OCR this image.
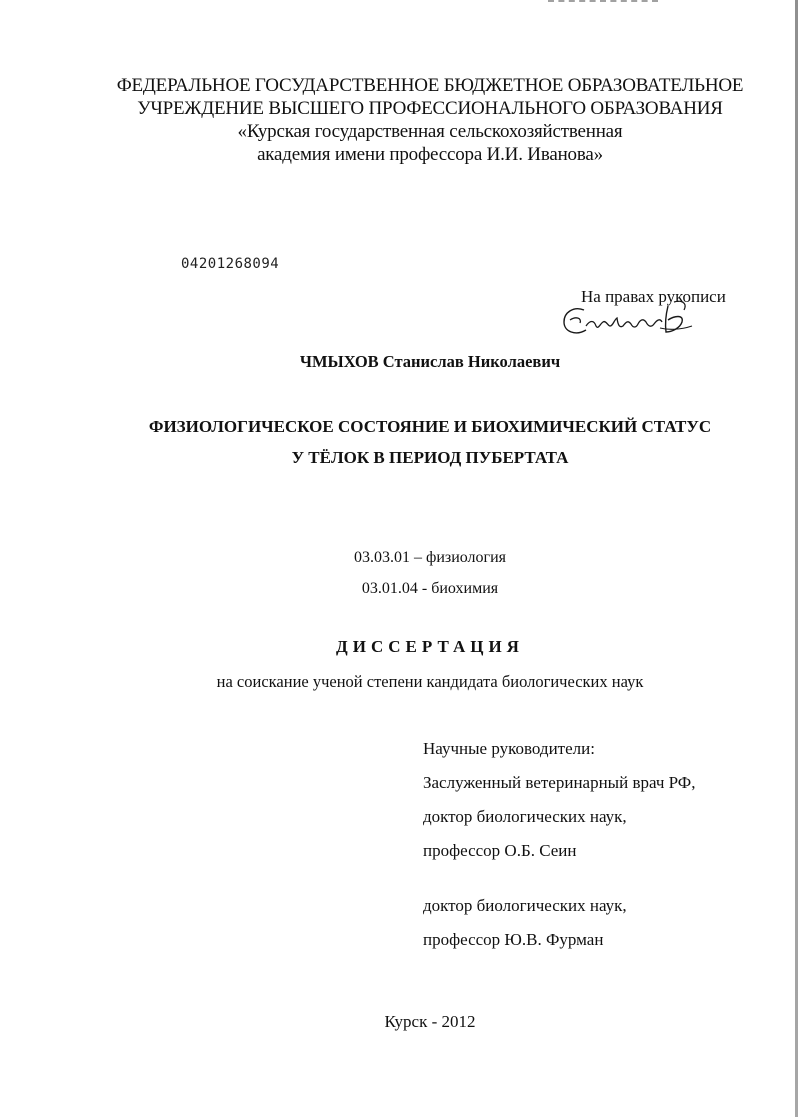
ФЕДЕРАЛЬНОЕ ГОСУДАРСТВЕННОЕ БЮДЖЕТНОЕ ОБРАЗОВАТЕЛЬНОЕ
УЧРЕЖДЕНИЕ ВЫСШЕГО ПРОФЕССИОНАЛЬНОГО ОБРАЗОВАНИЯ
«Курская государственная сельскохозяйственная
академия имени профессора И.И. Иванова»
04201268094
На правах рукописи
ЧМЫХОВ Станислав Николаевич
ФИЗИОЛОГИЧЕСКОЕ СОСТОЯНИЕ И БИОХИМИЧЕСКИЙ СТАТУС
У ТЁЛОК В ПЕРИОД ПУБЕРТАТА
03.03.01 – физиология
03.01.04 - биохимия
ДИССЕРТАЦИЯ
на соискание ученой степени кандидата биологических наук
Научные руководители:
Заслуженный ветеринарный врач РФ,
доктор биологических наук,
профессор О.Б. Сеин
доктор биологических наук,
профессор Ю.В. Фурман
Курск - 2012
